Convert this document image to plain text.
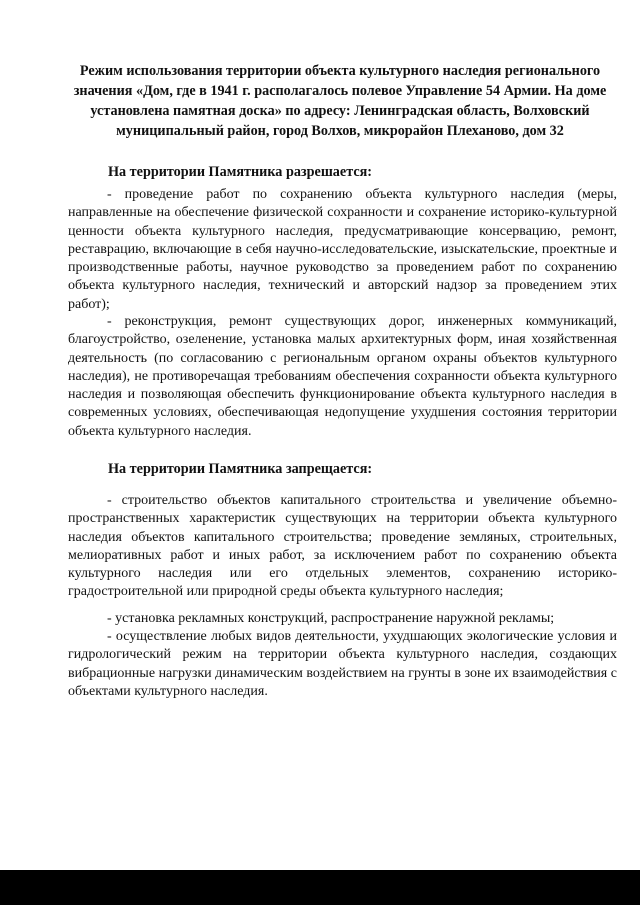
Режим использования территории объекта культурного наследия регионального значения «Дом, где в 1941 г. располагалось полевое Управление 54 Армии. На доме установлена памятная доска» по адресу: Ленинградская область, Волховский муниципальный район, город Волхов, микрорайон Плеханово, дом 32

На территории Памятника разрешается:

- проведение работ по сохранению объекта культурного наследия (меры, направленные на обеспечение физической сохранности и сохранение историко-культурной ценности объекта культурного наследия, предусматривающие консервацию, ремонт, реставрацию, включающие в себя научно-исследовательские, изыскательские, проектные и производственные работы, научное руководство за проведением работ по сохранению объекта культурного наследия, технический и авторский надзор за проведением этих работ);

- реконструкция, ремонт существующих дорог, инженерных коммуникаций, благоустройство, озеленение, установка малых архитектурных форм, иная хозяйственная деятельность (по согласованию с региональным органом охраны объектов культурного наследия), не противоречащая требованиям обеспечения сохранности объекта культурного наследия и позволяющая обеспечить функционирование объекта культурного наследия в современных условиях, обеспечивающая недопущение ухудшения состояния территории объекта культурного наследия.

На территории Памятника запрещается:

- строительство объектов капитального строительства и увеличение объемно-пространственных характеристик существующих на территории объекта культурного наследия объектов капитального строительства; проведение земляных, строительных, мелиоративных работ и иных работ, за исключением работ по сохранению объекта культурного наследия или его отдельных элементов, сохранению историко-градостроительной или природной среды объекта культурного наследия;

- установка рекламных конструкций, распространение наружной рекламы;

- осуществление любых видов деятельности, ухудшающих экологические условия и гидрологический режим на территории объекта культурного наследия, создающих вибрационные нагрузки динамическим воздействием на грунты в зоне их взаимодействия с объектами культурного наследия.
